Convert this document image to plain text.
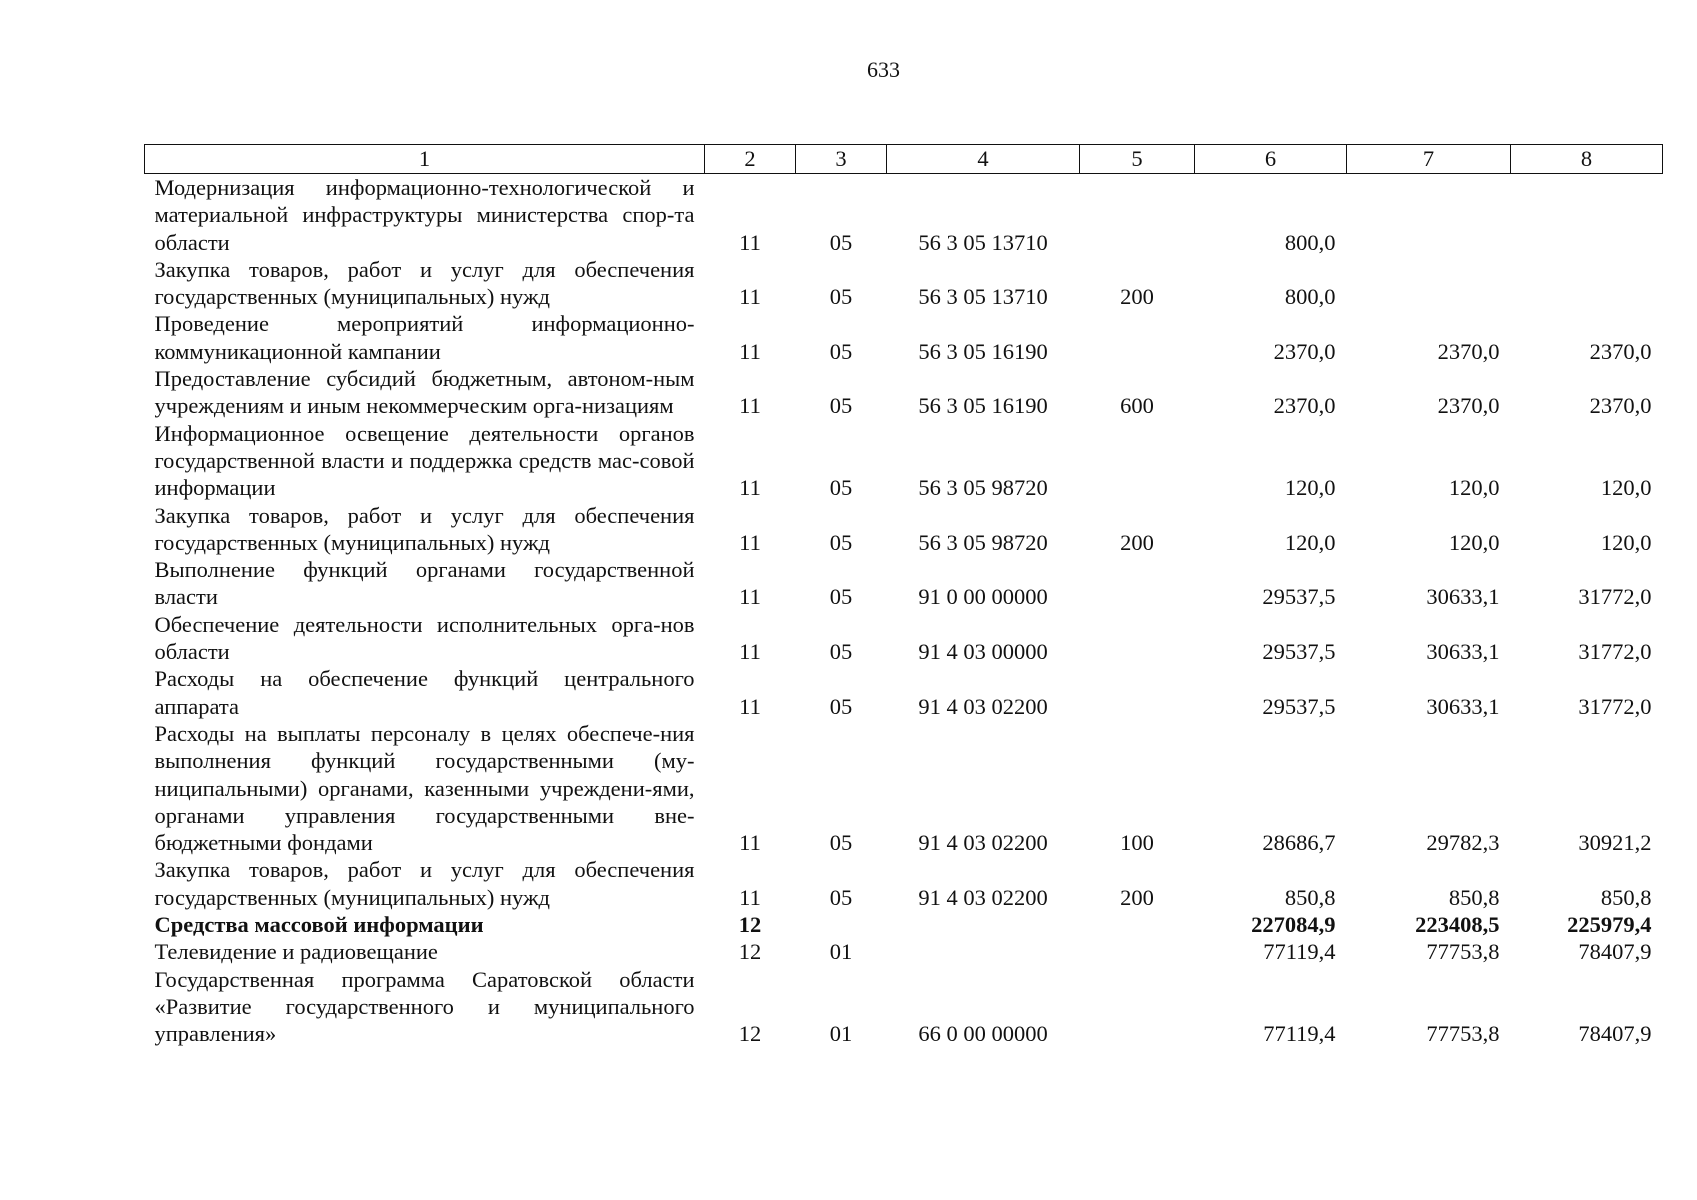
633
1	2	3	4	5	6	7	8
Модернизация информационно-технологической и материальной инфраструктуры министерства спор-та области	11	05	56 3 05 13710		800,0		
Закупка товаров, работ и услуг для обеспечения государственных (муниципальных) нужд	11	05	56 3 05 13710	200	800,0		
Проведение мероприятий информационно-коммуникационной кампании	11	05	56 3 05 16190		2370,0	2370,0	2370,0
Предоставление субсидий бюджетным, автоном-ным учреждениям и иным некоммерческим орга-низациям	11	05	56 3 05 16190	600	2370,0	2370,0	2370,0
Информационное освещение деятельности органов государственной власти и поддержка средств мас-совой информации	11	05	56 3 05 98720		120,0	120,0	120,0
Закупка товаров, работ и услуг для обеспечения государственных (муниципальных) нужд	11	05	56 3 05 98720	200	120,0	120,0	120,0
Выполнение функций органами государственной власти	11	05	91 0 00 00000		29537,5	30633,1	31772,0
Обеспечение деятельности исполнительных орга-нов области	11	05	91 4 03 00000		29537,5	30633,1	31772,0
Расходы на обеспечение функций центрального аппарата	11	05	91 4 03 02200		29537,5	30633,1	31772,0
Расходы на выплаты персоналу в целях обеспече-ния выполнения функций государственными (му-ниципальными) органами, казенными учреждени-ями, органами управления государственными вне-бюджетными фондами	11	05	91 4 03 02200	100	28686,7	29782,3	30921,2
Закупка товаров, работ и услуг для обеспечения государственных (муниципальных) нужд	11	05	91 4 03 02200	200	850,8	850,8	850,8
Средства массовой информации	12				227084,9	223408,5	225979,4
Телевидение и радиовещание	12	01			77119,4	77753,8	78407,9
Государственная программа Саратовской области «Развитие государственного и муниципального управления»	12	01	66 0 00 00000		77119,4	77753,8	78407,9
